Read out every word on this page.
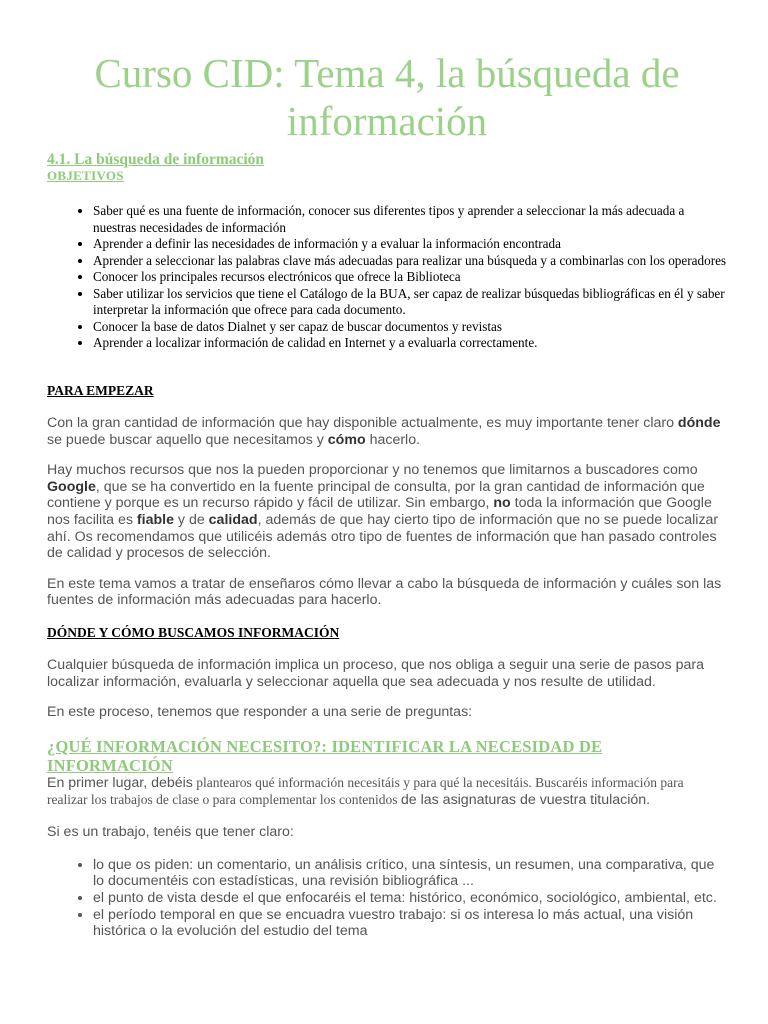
Curso CID: Tema 4, la búsqueda de información
4.1. La búsqueda de información
OBJETIVOS
• Saber qué es una fuente de información, conocer sus diferentes tipos y aprender a seleccionar la más adecuada a nuestras necesidades de información
• Aprender a definir las necesidades de información y a evaluar la información encontrada
• Aprender a seleccionar las palabras clave más adecuadas para realizar una búsqueda y a combinarlas con los operadores
• Conocer los principales recursos electrónicos que ofrece la Biblioteca
• Saber utilizar los servicios que tiene el Catálogo de la BUA, ser capaz de realizar búsquedas bibliográficas en él y saber interpretar la información que ofrece para cada documento.
• Conocer la base de datos Dialnet y ser capaz de buscar documentos y revistas
• Aprender a localizar información de calidad en Internet y a evaluarla correctamente.
PARA EMPEZAR

Con la gran cantidad de información que hay disponible actualmente, es muy importante tener claro dónde se puede buscar aquello que necesitamos y cómo hacerlo.

Hay muchos recursos que nos la pueden proporcionar y no tenemos que limitarnos a buscadores como Google, que se ha convertido en la fuente principal de consulta, por la gran cantidad de información que contiene y porque es un recurso rápido y fácil de utilizar. Sin embargo, no toda la información que Google nos facilita es fiable y de calidad, además de que hay cierto tipo de información que no se puede localizar ahí. Os recomendamos que utilicéis además otro tipo de fuentes de información que han pasado controles de calidad y procesos de selección.

En este tema vamos a tratar de enseñaros cómo llevar a cabo la búsqueda de información y cuáles son las fuentes de información más adecuadas para hacerlo.

DÓNDE Y CÓMO BUSCAMOS INFORMACIÓN

Cualquier búsqueda de información implica un proceso, que nos obliga a seguir una serie de pasos para localizar información, evaluarla y seleccionar aquella que sea adecuada y nos resulte de utilidad.

En este proceso, tenemos que responder a una serie de preguntas:

¿QUÉ INFORMACIÓN NECESITO?: IDENTIFICAR LA NECESIDAD DE INFORMACIÓN

En primer lugar, debéis plantearos qué información necesitáis y para qué la necesitáis. Buscaréis información para realizar los trabajos de clase o para complementar los contenidos de las asignaturas de vuestra titulación.

Si es un trabajo, tenéis que tener claro:

• lo que os piden: un comentario, un análisis crítico, una síntesis, un resumen, una comparativa, que lo documentéis con estadísticas, una revisión bibliográfica ...
• el punto de vista desde el que enfocaréis el tema: histórico, económico, sociológico, ambiental, etc.
• el período temporal en que se encuadra vuestro trabajo: si os interesa lo más actual, una visión histórica o la evolución del estudio del tema
